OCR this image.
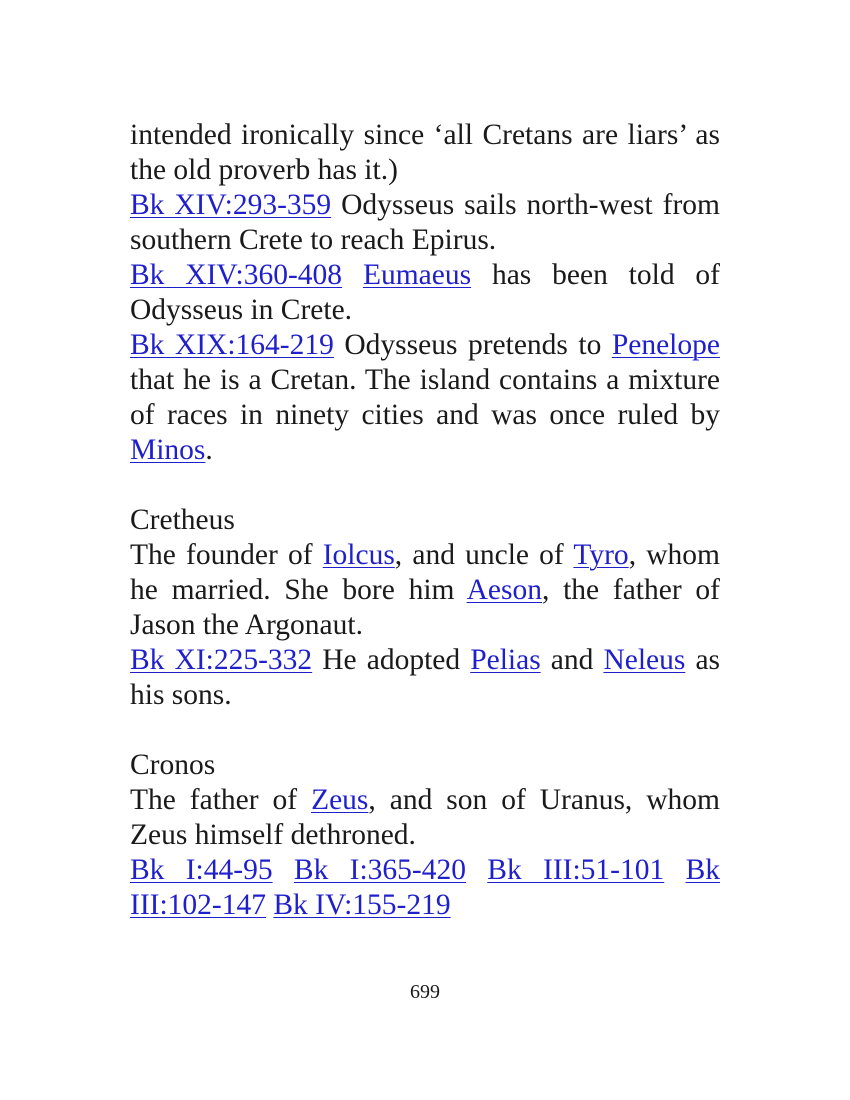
intended ironically since ‘all Cretans are liars’ as the old proverb has it.)

Bk XIV:293-359 Odysseus sails north-west from southern Crete to reach Epirus.

Bk XIV:360-408 Eumaeus has been told of Odysseus in Crete.

Bk XIX:164-219 Odysseus pretends to Penelope that he is a Cretan. The island contains a mixture of races in ninety cities and was once ruled by Minos.

Cretheus

The founder of Iolcus, and uncle of Tyro, whom he married. She bore him Aeson, the father of Jason the Argonaut.

Bk XI:225-332 He adopted Pelias and Neleus as his sons.

Cronos

The father of Zeus, and son of Uranus, whom Zeus himself dethroned.

Bk I:44-95 Bk I:365-420 Bk III:51-101 Bk III:102-147 Bk IV:155-219

699
